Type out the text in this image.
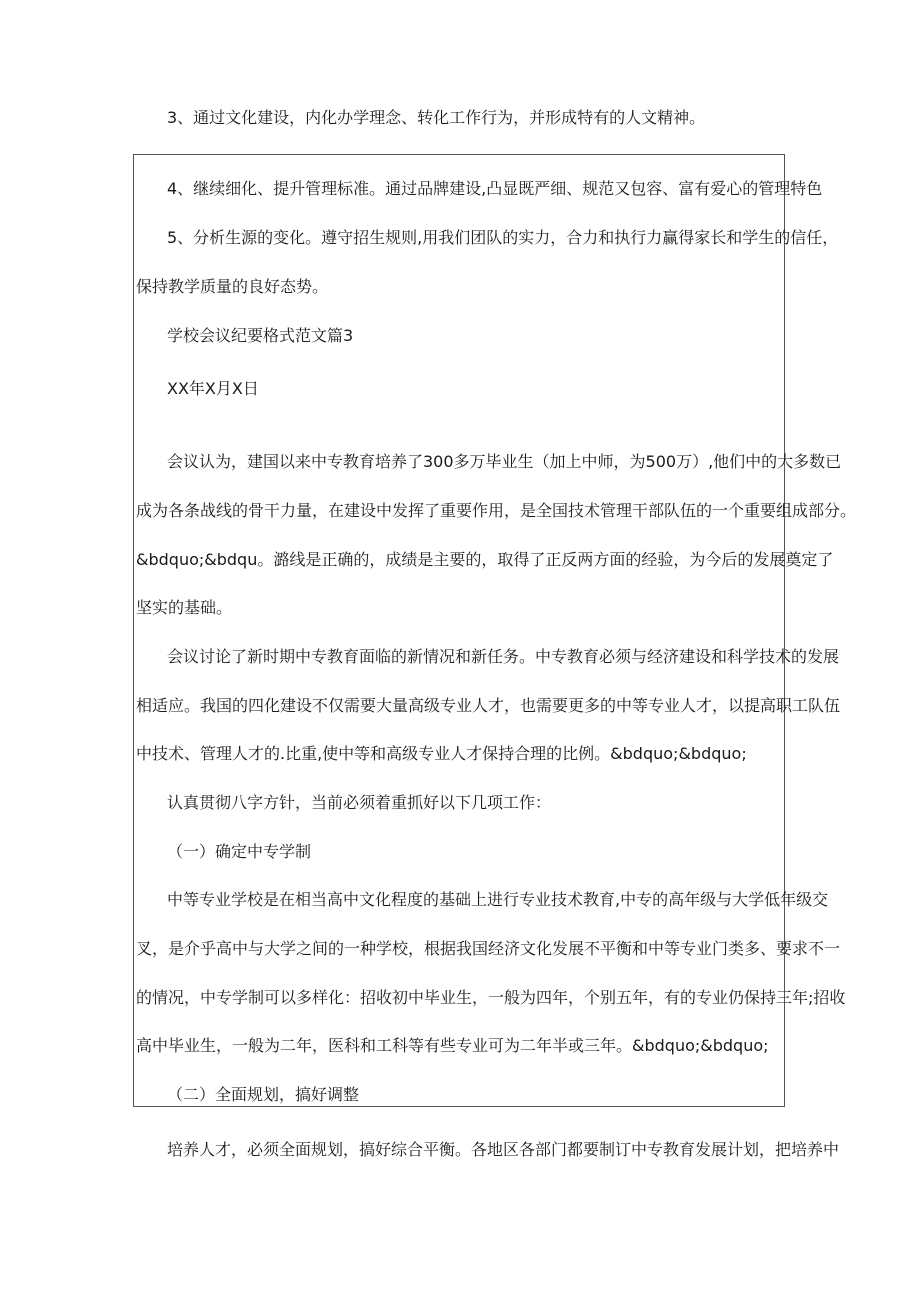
3、通过文化建设，内化办学理念、转化工作行为，并形成特有的人文精神。
4、继续细化、提升管理标准。通过品牌建设,凸显既严细、规范又包容、富有爱心的管理特色
5、分析生源的变化。遵守招生规则,用我们团队的实力，合力和执行力赢得家长和学生的信任，
保持教学质量的良好态势。
学校会议纪要格式范文篇3
XX年X月X日
会议认为，建国以来中专教育培养了300多万毕业生（加上中师，为500万）,他们中的大多数已
成为各条战线的骨干力量，在建设中发挥了重要作用，是全国技术管理干部队伍的一个重要组成部分。
&bdquo;&bdqu。潞线是正确的，成绩是主要的，取得了正反两方面的经验，为今后的发展奠定了
坚实的基础。
会议讨论了新时期中专教育面临的新情况和新任务。中专教育必须与经济建设和科学技术的发展
相适应。我国的四化建设不仅需要大量高级专业人才，也需要更多的中等专业人才，以提高职工队伍
中技术、管理人才的.比重,使中等和高级专业人才保持合理的比例。&bdquo;&bdquo;
认真贯彻八字方针，当前必须着重抓好以下几项工作：
（一）确定中专学制
中等专业学校是在相当高中文化程度的基础上进行专业技术教育,中专的高年级与大学低年级交
叉，是介乎高中与大学之间的一种学校，根据我国经济文化发展不平衡和中等专业门类多、要求不一
的情况，中专学制可以多样化：招收初中毕业生，一般为四年，个别五年，有的专业仍保持三年;招收
高中毕业生，一般为二年，医科和工科等有些专业可为二年半或三年。&bdquo;&bdquo;
（二）全面规划，搞好调整
培养人才，必须全面规划，搞好综合平衡。各地区各部门都要制订中专教育发展计划，把培养中
